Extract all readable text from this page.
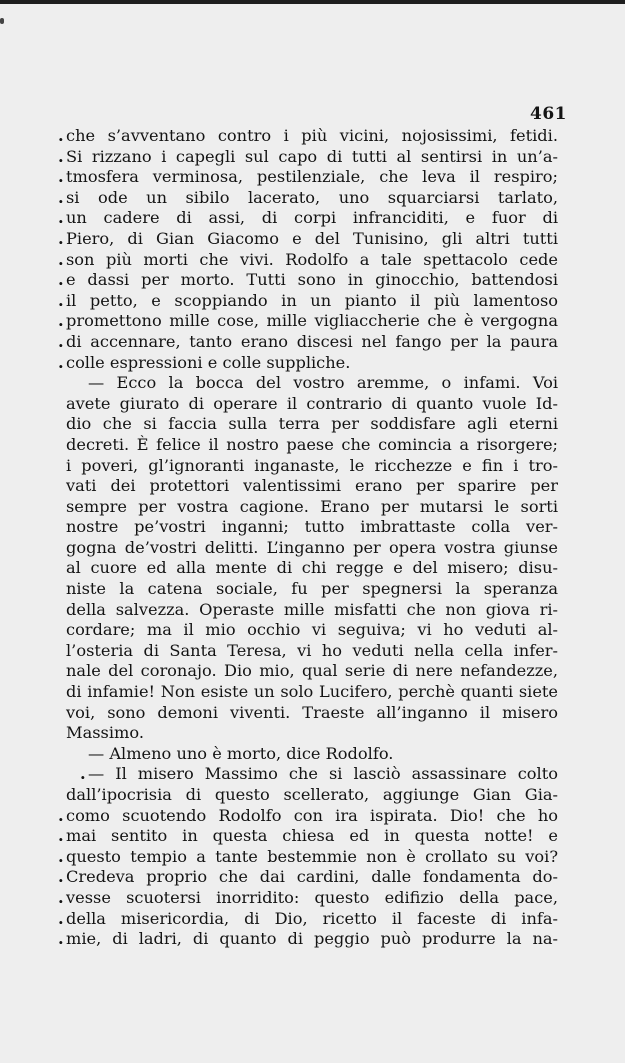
461
. che s’avventano contro i più vicini, nojosissimi, fetidi.
. Si rizzano i capegli sul capo di tutti al sentirsi in un’a-
. tmosfera verminosa, pestilenziale, che leva il respiro;
. si ode un sibilo lacerato, uno squarciarsi tarlato,
. un cadere di assi, di corpi infranciditi, e fuor di
. Piero, di Gian Giacomo e del Tunisino, gli altri tutti
. son più morti che vivi. Rodolfo a tale spettacolo cede
. e dassi per morto. Tutti sono in ginocchio, battendosi
. il petto, e scoppiando in un pianto il più lamentoso
. promettono mille cose, mille vigliaccherie che è vergogna
. di accennare, tanto erano discesi nel fango per la paura
. colle espressioni e colle suppliche.
— Ecco la bocca del vostro aremme, o infami. Voi
avete giurato di operare il contrario di quanto vuole Id-
dio che si faccia sulla terra per soddisfare agli eterni
decreti. È felice il nostro paese che comincia a risorgere;
i poveri, gl’ignoranti inganaste, le ricchezze e fin i tro-
vati dei protettori valentissimi erano per sparire per
sempre per vostra cagione. Erano per mutarsi le sorti
nostre pe’vostri inganni; tutto imbrattaste colla ver-
gogna de’vostri delitti. L’inganno per opera vostra giunse
al cuore ed alla mente di chi regge e del misero; disu-
niste la catena sociale, fu per spegnersi la speranza
della salvezza. Operaste mille misfatti che non giova ri-
cordare; ma il mio occhio vi seguiva; vi ho veduti al-
l’osteria di Santa Teresa, vi ho veduti nella cella infer-
nale del coronajo. Dio mio, qual serie di nere nefandezze,
di infamie! Non esiste un solo Lucifero, perchè quanti siete
voi, sono demoni viventi. Traeste all’inganno il misero
Massimo.
— Almeno uno è morto, dice Rodolfo.
. — Il misero Massimo che si lasciò assassinare colto
dall’ipocrisia di questo scellerato, aggiunge Gian Gia-
. como scuotendo Rodolfo con ira ispirata. Dio! che ho
. mai sentito in questa chiesa ed in questa notte! e
. questo tempio a tante bestemmie non è crollato su voi?
. Credeva proprio che dai cardini, dalle fondamenta do-
. vesse scuotersi inorridito: questo edifizio della pace,
. della misericordia, di Dio, ricetto il faceste di infa-
. mie, di ladri, di quanto di peggio può produrre la na-
